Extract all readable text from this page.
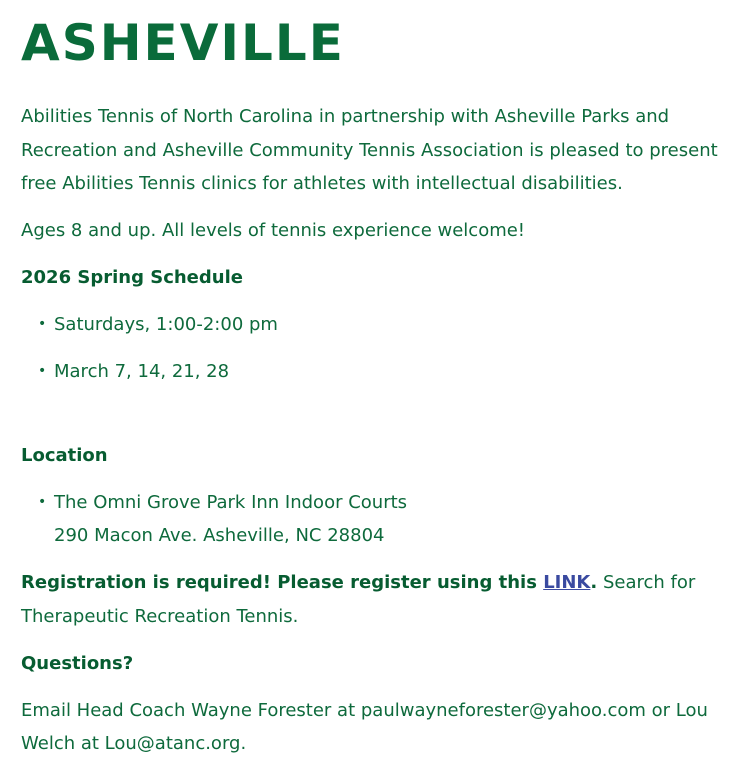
ASHEVILLE

Abilities Tennis of North Carolina in partnership with Asheville Parks and Recreation and Asheville Community Tennis Association is pleased to present free Abilities Tennis clinics for athletes with intellectual disabilities.

Ages 8 and up. All levels of tennis experience welcome!

2026 Spring Schedule

• Saturdays, 1:00-2:00 pm
• March 7, 14, 21, 28

Location

• The Omni Grove Park Inn Indoor Courts
290 Macon Ave. Asheville, NC 28804

Registration is required! Please register using this LINK. Search for Therapeutic Recreation Tennis.

Questions?

Email Head Coach Wayne Forester at paulwayneforester@yahoo.com or Lou Welch at Lou@atanc.org.
